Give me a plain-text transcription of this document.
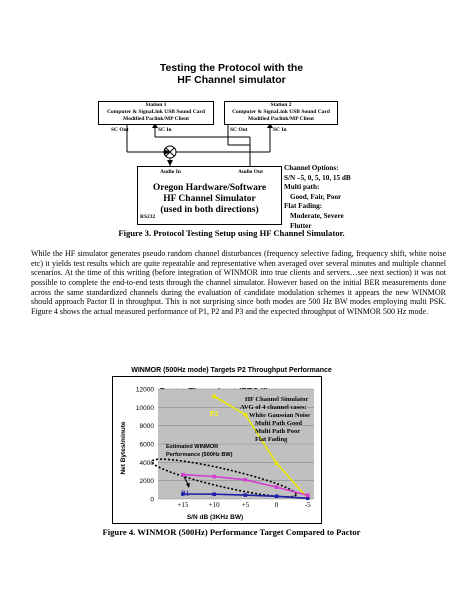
Testing the Protocol with the
HF Channel simulator
Station 1
Computer & SignaLink USB Sound Card
Modified Paclink/MP Client
Station 2
Computer & SignaLink USB Sound Card
Modified Paclink/MP Client
SC Out	SC In	SC Out	SC In
Audio In	Audio Out
Oregon Hardware/Software
HF Channel Simulator
(used in both directions)
RS232
Channel Options:
S/N –5, 0, 5, 10, 15 dB
Multi path:
Good, Fair, Poor
Flat Fading:
Moderate, Severe
Flutter
Figure 3. Protocol Testing Setup using HF Channel Simulator.
While the HF simulator generates pseudo random channel disturbances (frequency selective fading, frequency shift, white noise etc) it yields test results which are quite repeatable and representative when averaged over several minutes and multiple channel scenarios. At the time of this writing (before integration of WINMOR into true clients and servers…see next section) it was not possible to complete the end-to-end tests through the channel simulator. However based on the initial BER measurements done across the same standardized channels during the evaluation of candidate modulation schemes it appears the new WINMOR should approach Pactor II in throughput. This is not surprising since both modes are 500 Hz BW modes employing multi PSK. Figure 4 shows the actual measured performance of P1, P2 and P3 and the expected throughput of WINMOR 500 Hz mode.
WINMOR (500Hz mode) Targets P2 Throughput Performance
0
2000
4000
6000
8000
10000
12000
+15	+10	+5	0	-5
S/N dB (3KHz BW)
Net Bytes/minute
P2
P1
Estimated WINMOR
Performance (500Hz BW)
HF Channel Simulator
AVG of 4 channel cases:
White Gaussian Noise
Multi Path Good
Multi Path Poor
Flat Fading
Figure 4. WINMOR (500Hz) Performance Target Compared to Pactor
